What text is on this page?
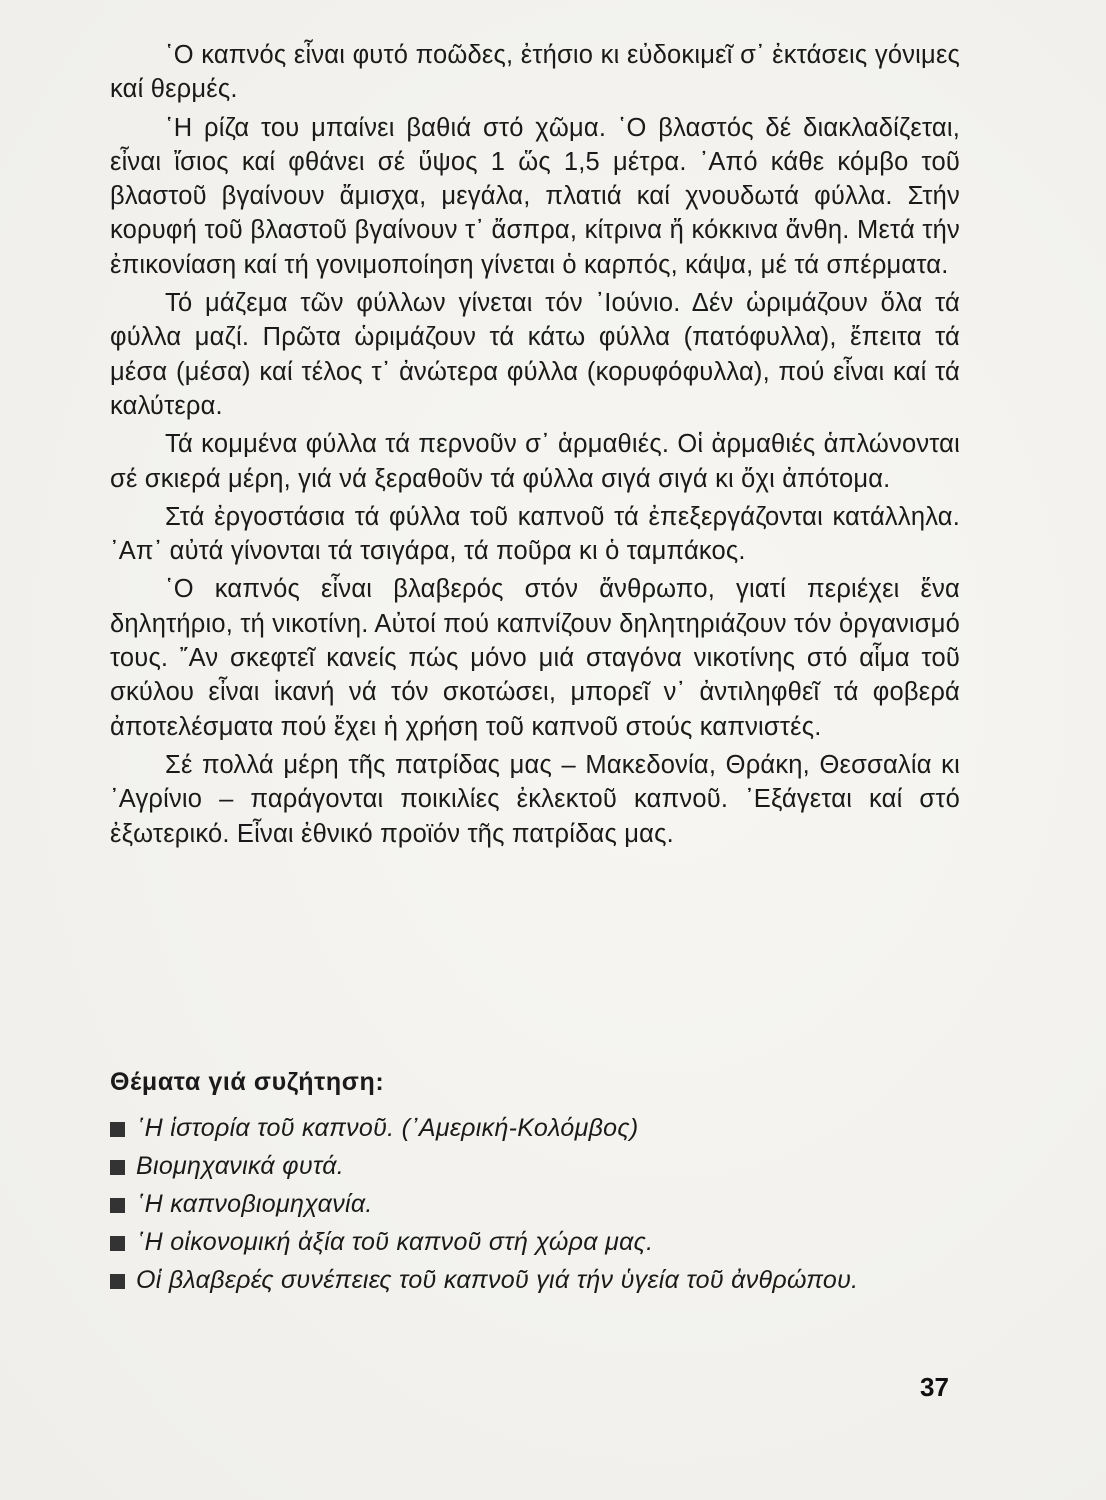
῾Ο καπνός εἶναι φυτό ποῶδες, ἐτήσιο κι εὐδοκιμεῖ σ᾽ ἐκτάσεις γόνιμες καί θερμές.

῾Η ρίζα του μπαίνει βαθιά στό χῶμα. ῾Ο βλαστός δέ διακλαδίζεται, εἶναι ἴσιος καί φθάνει σέ ὕψος 1 ὥς 1,5 μέτρα. ᾿Από κάθε κόμβο τοῦ βλαστοῦ βγαίνουν ἄμισχα, μεγάλα, πλατιά καί χνουδωτά φύλλα. Στήν κορυφή τοῦ βλαστοῦ βγαίνουν τ᾽ ἄσπρα, κίτρινα ἤ κόκκινα ἄνθη. Μετά τήν ἐπικονίαση καί τή γονιμοποίηση γίνεται ὁ καρπός, κάψα, μέ τά σπέρματα.

Τό μάζεμα τῶν φύλλων γίνεται τόν ᾿Ιούνιο. Δέν ὡριμάζουν ὅλα τά φύλλα μαζί. Πρῶτα ὡριμάζουν τά κάτω φύλλα (πατόφυλλα), ἔπειτα τά μέσα (μέσα) καί τέλος τ᾽ ἀνώτερα φύλλα (κορυφόφυλλα), πού εἶναι καί τά καλύτερα.

Τά κομμένα φύλλα τά περνοῦν σ᾽ ἁρμαθιές. Οἱ ἁρμαθιές ἁπλώνονται σέ σκιερά μέρη, γιά νά ξεραθοῦν τά φύλλα σιγά σιγά κι ὄχι ἀπότομα.

Στά ἐργοστάσια τά φύλλα τοῦ καπνοῦ τά ἐπεξεργάζονται κατάλληλα. ᾿Απ᾽ αὐτά γίνονται τά τσιγάρα, τά ποῦρα κι ὁ ταμπάκος.

῾Ο καπνός εἶναι βλαβερός στόν ἄνθρωπο, γιατί περιέχει ἕνα δηλητήριο, τή νικοτίνη. Αὐτοί πού καπνίζουν δηλητηριάζουν τόν ὀργανισμό τους. ῎Αν σκεφτεῖ κανείς πώς μόνο μιά σταγόνα νικοτίνης στό αἷμα τοῦ σκύλου εἶναι ἱκανή νά τόν σκοτώσει, μπορεῖ ν᾽ ἀντιληφθεῖ τά φοβερά ἀποτελέσματα πού ἔχει ἡ χρήση τοῦ καπνοῦ στούς καπνιστές.

Σέ πολλά μέρη τῆς πατρίδας μας – Μακεδονία, Θράκη, Θεσσαλία κι ᾿Αγρίνιο – παράγονται ποικιλίες ἐκλεκτοῦ καπνοῦ. ᾿Εξάγεται καί στό ἐξωτερικό. Εἶναι ἐθνικό προϊόν τῆς πατρίδας μας.

Θέματα γιά συζήτηση:
῾Η ἱστορία τοῦ καπνοῦ. (᾿Αμερική-Κολόμβος)
Βιομηχανικά φυτά.
῾Η καπνοβιομηχανία.
῾Η οἰκονομική ἀξία τοῦ καπνοῦ στή χώρα μας.
Οἱ βλαβερές συνέπειες τοῦ καπνοῦ γιά τήν ὑγεία τοῦ ἀνθρώπου.
37
